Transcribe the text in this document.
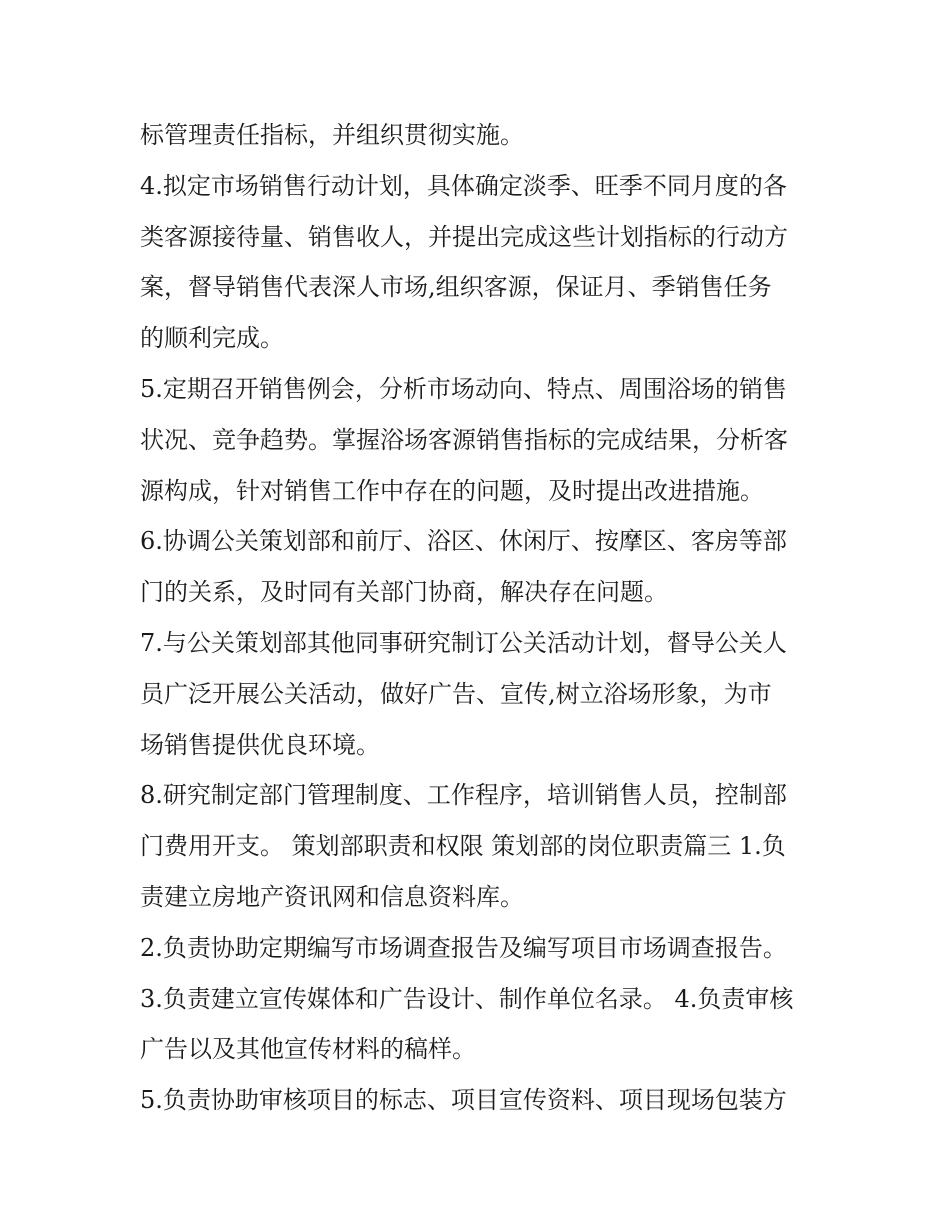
标管理责任指标，并组织贯彻实施。
4.拟定市场销售行动计划，具体确定淡季、旺季不同月度的各
类客源接待量、销售收人，并提出完成这些计划指标的行动方
案，督导销售代表深人市场,组织客源，保证月、季销售任务
的顺利完成。
5.定期召开销售例会，分析市场动向、特点、周围浴场的销售
状况、竞争趋势。掌握浴场客源销售指标的完成结果，分析客
源构成，针对销售工作中存在的问题，及时提出改进措施。
6.协调公关策划部和前厅、浴区、休闲厅、按摩区、客房等部
门的关系，及时同有关部门协商，解决存在问题。
7.与公关策划部其他同事研究制订公关活动计划，督导公关人
员广泛开展公关活动，做好广告、宣传,树立浴场形象，为市
场销售提供优良环境。
8.研究制定部门管理制度、工作程序，培训销售人员，控制部
门费用开支。 策划部职责和权限 策划部的岗位职责篇三 1.负
责建立房地产资讯网和信息资料库。
2.负责协助定期编写市场调查报告及编写项目市场调查报告。
3.负责建立宣传媒体和广告设计、制作单位名录。 4.负责审核
广告以及其他宣传材料的稿样。
5.负责协助审核项目的标志、项目宣传资料、项目现场包装方
